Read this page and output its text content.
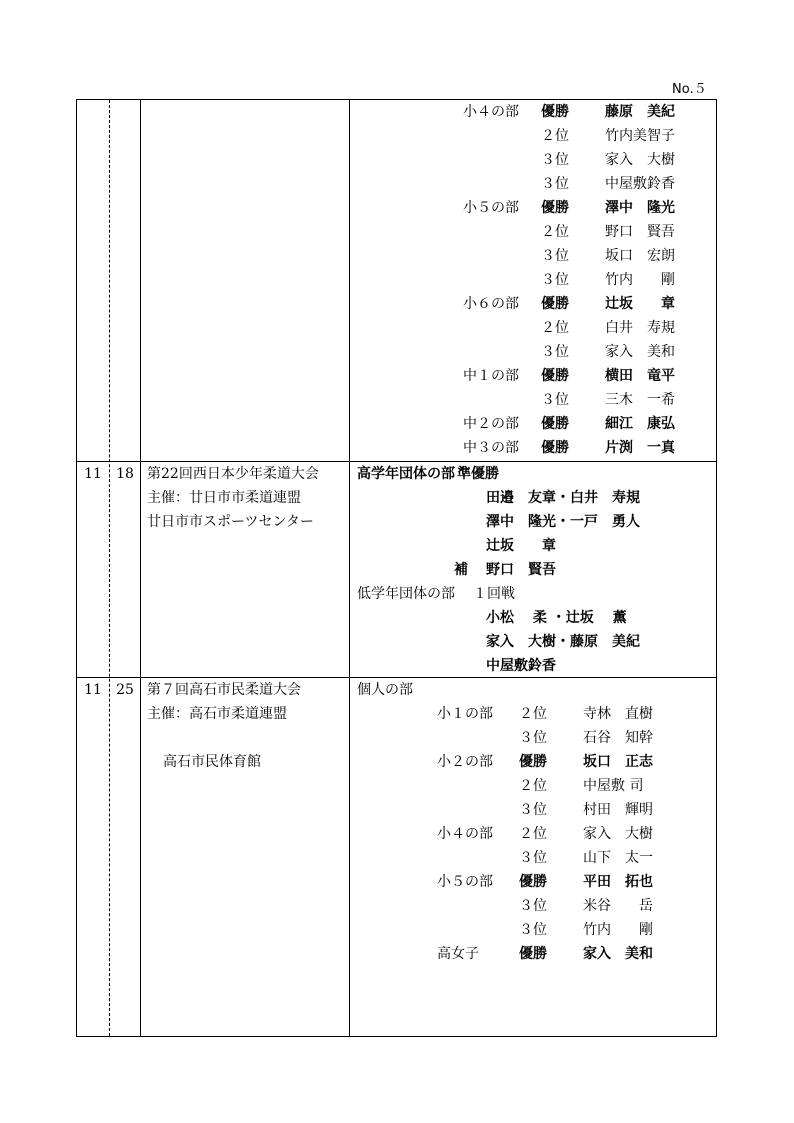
No.５
小４の部 優勝	藤原　美紀
２位	竹内美智子
３位	家入　大樹
３位	中屋敷鈴香
小５の部 優勝	澤中　隆光
２位	野口　賢吾
３位	坂口　宏朗
３位	竹内　　剛
小６の部 優勝	辻坂　　章
２位	白井　寿規
３位	家入　美和
中１の部 優勝	横田　竜平
３位	三木　一希
中２の部 優勝	細江　康弘
中３の部 優勝	片渕　一真
11	18 第22回西日本少年柔道大会
主催：廿日市市柔道連盟
廿日市市スポーツセンター
高学年団体の部 準優勝
田邉　友章・白井　寿規
澤中　隆光・一戸　勇人
辻坂　　章
補 野口　賢吾
低学年団体の部 １回戦
小松　 柔 ・辻坂　 薫
家入　大樹・藤原　美紀
中屋敷鈴香
11	25 第７回高石市民柔道大会
主催：高石市柔道連盟
高石市民体育館
個人の部
小１の部 ２位	寺林　直樹
３位	石谷　知幹
小２の部 優勝	坂口　正志
２位	中屋敷 司
３位	村田　輝明
小４の部 ２位	家入　大樹
３位	山下　太一
小５の部 優勝	平田　拓也
３位	米谷　　岳
３位	竹内　　剛
高女子	優勝	家入　美和
